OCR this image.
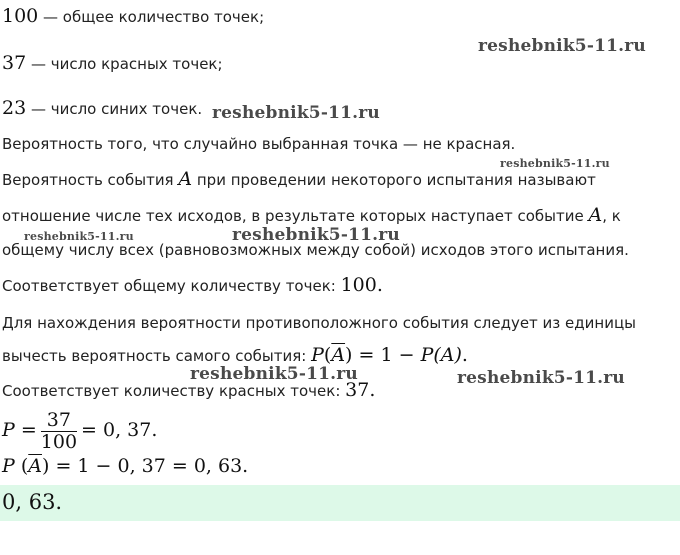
100 — общее количество точек;
37 — число красных точек;
23 — число синих точек.
Вероятность того, что случайно выбранная точка — не красная.
Вероятность события A при проведении некоторого испытания называют
отношение числе тех исходов, в результате которых наступает событие A, к
общему числу всех (равновозможных между собой) исходов этого испытания.
Соответствует общему количеству точек: 100.
Для нахождения вероятности противоположного события следует из единицы
вычесть вероятность самого события: $P(\overline{A}) = 1 - P(A)$.
Соответствует количеству красных точек: 37.
$P = \frac{37}{100} = 0$, 37.
P $(\overline{A}) = 1 - 0$, 37 = 0, 63.
0, 63.
reshebnik5-11.ru
reshebnik5-11.ru
reshebnik5-11.ru
reshebnik5-11.ru	reshebnik5-11.ru
reshebnik5-11.ru	reshebnik5-11.ru
